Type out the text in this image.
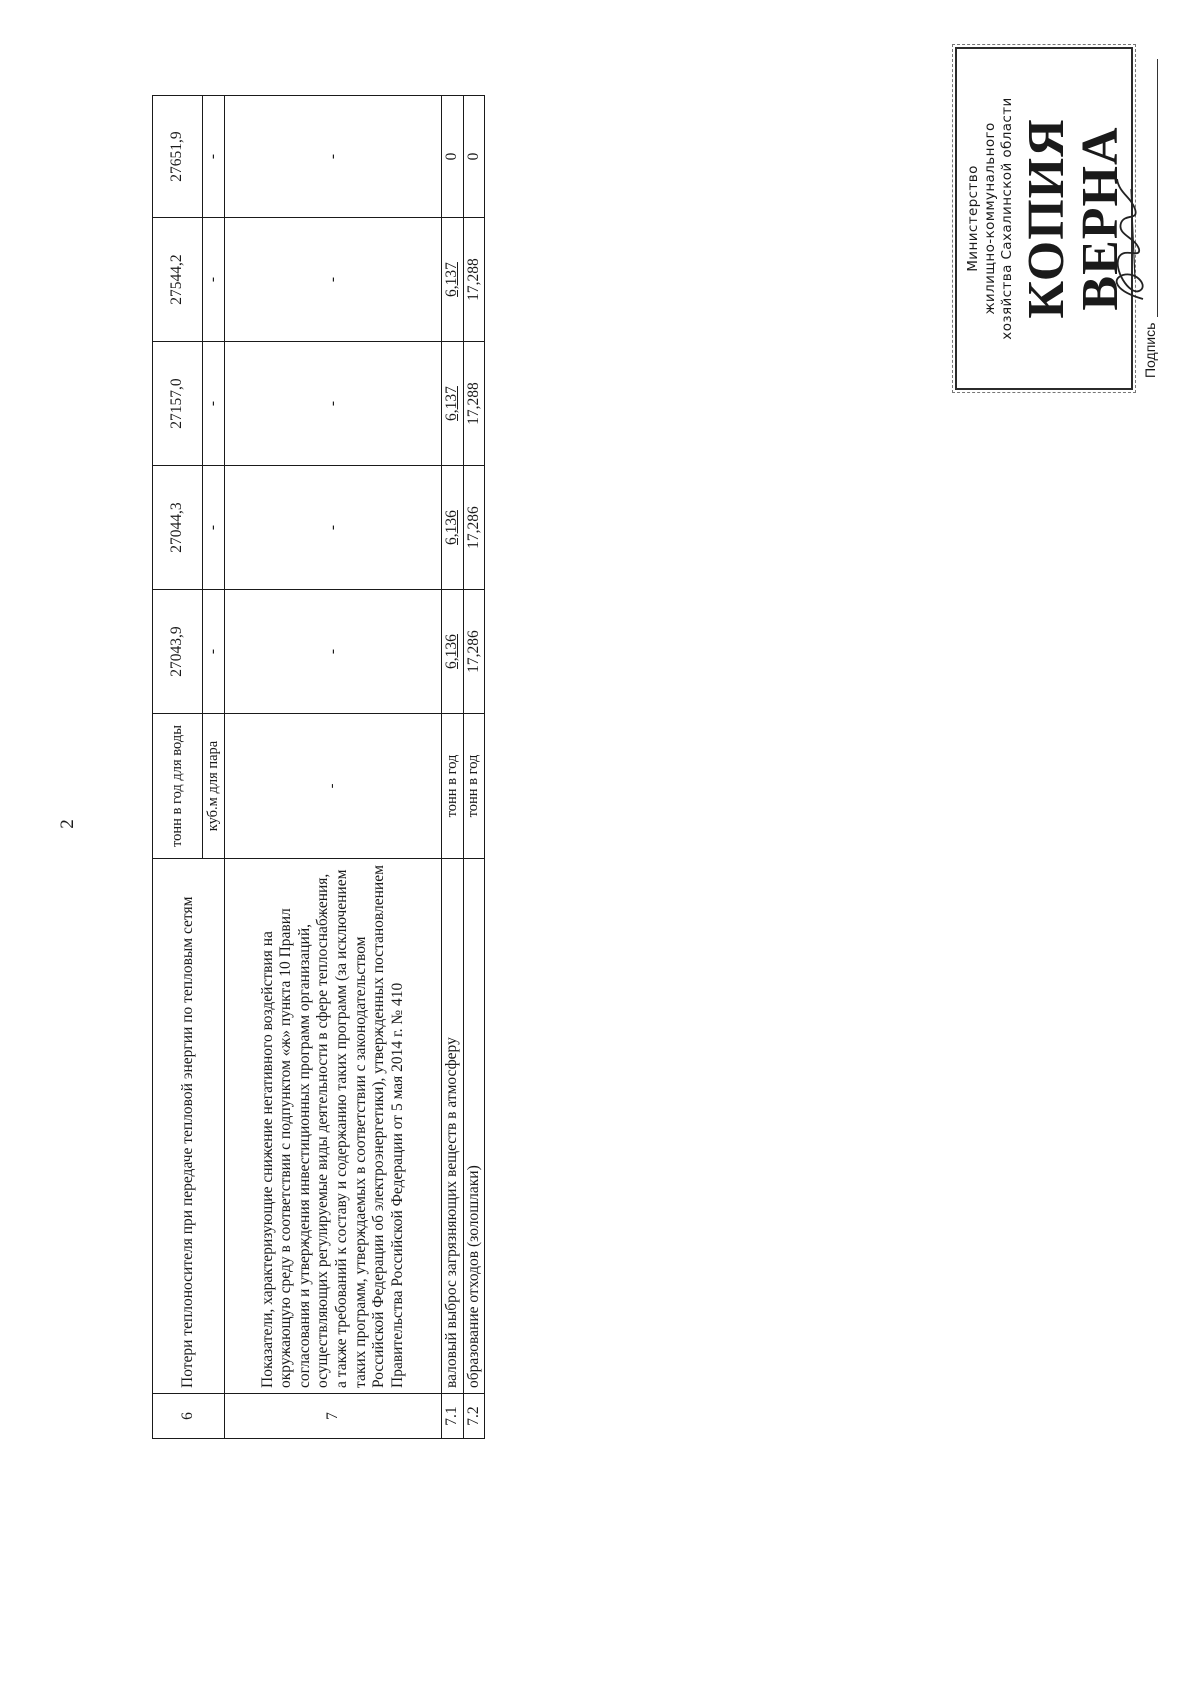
2
6	Потери теплоносителя при передаче тепловой энергии по тепловым сетям	тонн в год для воды	27043,9	27044,3	27157,0	27544,2	27651,9
		куб.м для пара	-	-	-	-	-
7	Показатели, характеризующие снижение негативного воздействия на окружающую среду в соответствии с подпунктом «ж» пункта 10 Правил согласования и утверждения инвестиционных программ организаций, осуществляющих регулируемые виды деятельности в сфере теплоснабжения, а также требований к составу и содержанию таких программ (за исключением таких программ, утверждаемых в соответствии с законодательством Российской Федерации об электроэнергетики), утвержденных постановлением Правительства Российской Федерации от 5 мая 2014 г. № 410	-	-	-	-	-	-
7.1	валовый выброс загрязняющих веществ в атмосферу	тонн в год	6,136	6,136	6,137	6,137	0
7.2	образование отходов (золошлаки)	тонн в год	17,286	17,286	17,288	17,288	0
Министерство жилищно-коммунального хозяйства Сахалинской области КОПИЯ ВЕРНА
Подпись
